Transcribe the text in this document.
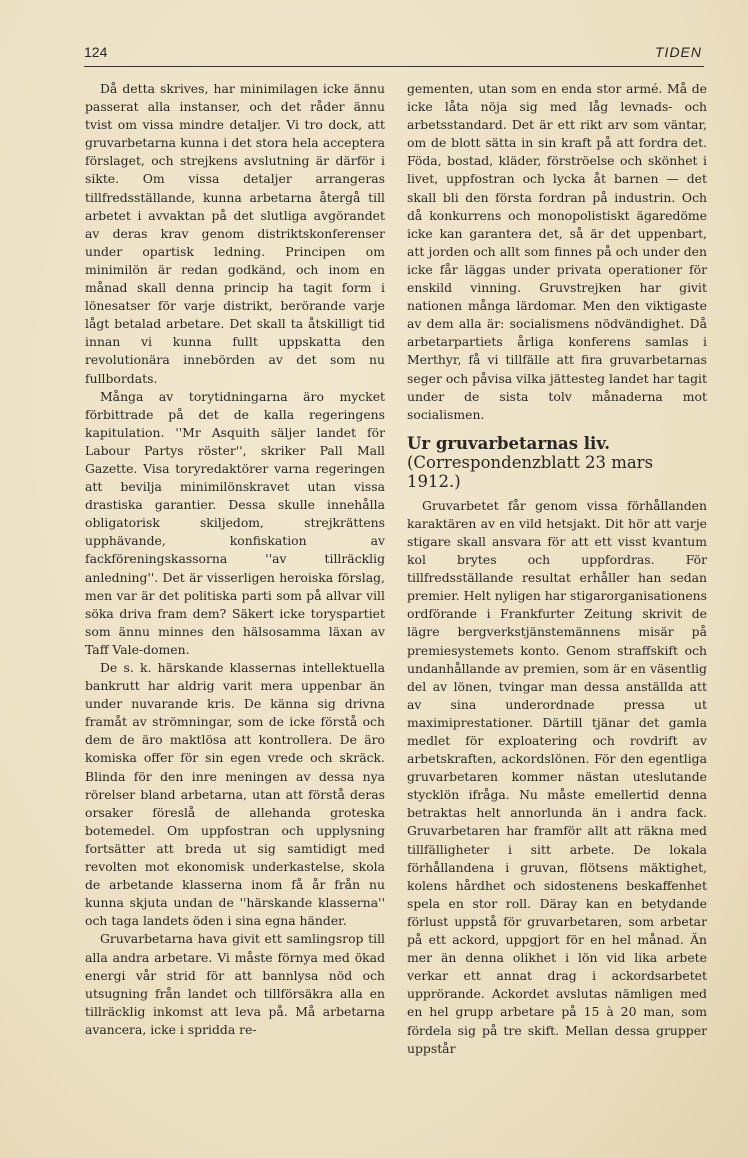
124	TIDEN

Då detta skrives, har minimilagen icke ännu passerat alla instanser, och det råder ännu tvist om vissa mindre detaljer. Vi tro dock, att gruvarbetarna kunna i det stora hela acceptera förslaget, och strejkens avslutning är därför i sikte. Om vissa detaljer arrangeras tillfredsställande, kunna arbetarna återgå till arbetet i avvaktan på det slutliga avgörandet av deras krav genom distriktskonferenser under opartisk ledning. Principen om minimilön är redan godkänd, och inom en månad skall denna princip ha tagit form i lönesatser för varje distrikt, berörande varje lågt betalad arbetare. Det skall ta åtskilligt tid innan vi kunna fullt uppskatta den revolutionära innebörden av det som nu fullbordats.

Många av torytidningarna äro mycket förbittrade på det de kalla regeringens kapitulation. ''Mr Asquith säljer landet för Labour Partys röster'', skriker Pall Mall Gazette. Visa toryredaktörer varna regeringen att bevilja minimilönskravet utan vissa drastiska garantier. Dessa skulle innehålla obligatorisk skiljedom, strejkrättens upphävande, konfiskation av fackföreningskassorna ''av tillräcklig anledning''. Det är visserligen heroiska förslag, men var är det politiska parti som på allvar vill söka driva fram dem? Säkert icke toryspartiet som ännu minnes den hälsosamma läxan av Taff Vale-domen.

De s. k. härskande klassernas intellektuella bankrutt har aldrig varit mera uppenbar än under nuvarande kris. De känna sig drivna framåt av strömningar, som de icke förstå och dem de äro maktlösa att kontrollera. De äro komiska offer för sin egen vrede och skräck. Blinda för den inre meningen av dessa nya rörelser bland arbetarna, utan att förstå deras orsaker föreslå de allehanda groteska botemedel. Om uppfostran och upplysning fortsätter att breda ut sig samtidigt med revolten mot ekonomisk underkastelse, skola de arbetande klasserna inom få år från nu kunna skjuta undan de ''härskande klasserna'' och taga landets öden i sina egna händer.

Gruvarbetarna hava givit ett samlingsrop till alla andra arbetare. Vi måste förnya med ökad energi vår strid för att bannlysa nöd och utsugning från landet och tillförsäkra alla en tillräcklig inkomst att leva på. Må arbetarna avancera, icke i spridda re-

gementen, utan som en enda stor armé. Må de icke låta nöja sig med låg levnads- och arbetsstandard. Det är ett rikt arv som väntar, om de blott sätta in sin kraft på att fordra det. Föda, bostad, kläder, förströelse och skönhet i livet, uppfostran och lycka åt barnen — det skall bli den första fordran på industrin. Och då konkurrens och monopolistiskt ägaredöme icke kan garantera det, så är det uppenbart, att jorden och allt som finnes på och under den icke får läggas under privata operationer för enskild vinning. Gruvstrejken har givit nationen många lärdomar. Men den viktigaste av dem alla är: socialismens nödvändighet. Då arbetarpartiets årliga konferens samlas i Merthyr, få vi tillfälle att fira gruvarbetarnas seger och påvisa vilka jättesteg landet har tagit under de sista tolv månaderna mot socialismen.

Ur gruvarbetarnas liv. (Correspondenzblatt 23 mars 1912.)

Gruvarbetet får genom vissa förhållanden karaktären av en vild hetsjakt. Dit hör att varje stigare skall ansvara för att ett visst kvantum kol brytes och uppfordras. För tillfredsställande resultat erhåller han sedan premier. Helt nyligen har stigarorganisationens ordförande i Frankfurter Zeitung skrivit de lägre bergverkstjänstemännens misär på premiesystemets konto. Genom straffskift och undanhållande av premien, som är en väsentlig del av lönen, tvingar man dessa anställda att av sina underordnade pressa ut maximiprestationer. Därtill tjänar det gamla medlet för exploatering och rovdrift av arbetskraften, ackordslönen. För den egentliga gruvarbetaren kommer nästan uteslutande stycklön ifråga. Nu måste emellertid denna betraktas helt annorlunda än i andra fack. Gruvarbetaren har framför allt att räkna med tillfälligheter i sitt arbete. De lokala förhållandena i gruvan, flötsens mäktighet, kolens hårdhet och sidostenens beskaffenhet spela en stor roll. Däray kan en betydande förlust uppstå för gruvarbetaren, som arbetar på ett ackord, uppgjort för en hel månad. Än mer än denna olikhet i lön vid lika arbete verkar ett annat drag i ackordsarbetet upprörande. Ackordet avslutas nämligen med en hel grupp arbetare på 15 à 20 man, som fördela sig på tre skift. Mellan dessa grupper uppstår
